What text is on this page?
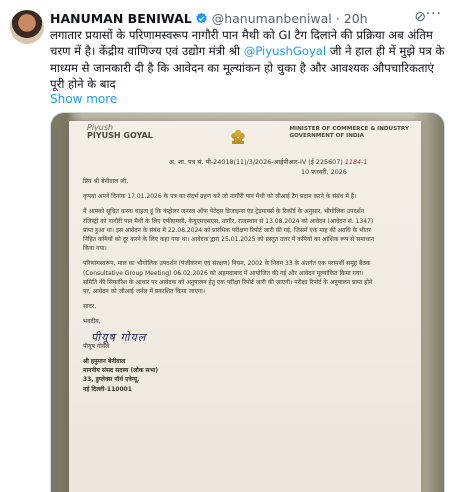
HANUMAN BENIWAL @hanumanbeniwal · 20h	⊘ ···
लगातार प्रयासों के परिणामस्वरूप नागौरी पान मैथी को GI टैग दिलाने की प्रक्रिया अब अंतिम चरण में है। केंद्रीय वाणिज्य एवं उद्योग मंत्री श्री @PiyushGoyal जी ने हाल ही में मुझे पत्र के माध्यम से जानकारी दी है कि आवेदन का मूल्यांकन हो चुका है और आवश्यक औपचारिकताएं पूरी होने के बाद
Show more
Piyush
PIYUSH GOYAL
MINISTER OF COMMERCE & INDUSTRY
GOVERNMENT OF INDIA
अ. शा. पत्र सं. पी-24018(11)/3/2026-आईपीआर-IV (ई 225607) 1184-1
10 फरवरी, 2026

प्रिय श्री बेनीवाल जी,

कृपया अपने दिनांक 17.01.2026 के पत्र का संदर्भ ग्रहण करें जो नागौरी पान मैथी को जीआई टैग प्रदान करने के संबंध में है।

मैं आपको सूचित करना चाहता हूं कि कंट्रोलर जनरल ऑफ पेटेंट्स डिजाइन्स एंड ट्रेडमार्क्स के रिकॉर्ड के अनुसार, भौगोलिक उपदर्शन रजिस्ट्री को नागौरी पान मैथी के लिए एफीएमसी, केयूएमएसएस, नागौर, राजस्थान से 13.08.2024 को आवेदन (आवेदन सं. 1347) प्राप्त हुआ था। इस आवेदन के संबंध में 22.08.2024 को प्रारंभिक परीक्षण रिपोर्ट जारी की गई, जिसमें एक माह की अवधि के भीतर निहित कमियों को दूर करने के लिए कहा गया था। आवेदक द्वारा 25.01.2025 को प्रस्तुत उत्तर में कमियों का आंशिक रूप से समाधान किया गया।

परिणामस्वरूप, माल का भौगोलिक उपदर्शन (पंजीकरण एवं संरक्षण) नियम, 2002 के नियम 33 के अंतर्गत एक परामर्शी समूह बैठक (Consultative Group Meeting) 06.02.2026 को अहमदाबाद में आयोजित की गई और आवेदन मूल्यांकित किया गया। समिति की सिफारिश के आधार पर आवेदक को अनुपालन हेतु एक परीक्षा रिपोर्ट जारी की जाएगी। परीक्षा रिपोर्ट के अनुपालन प्राप्त होने पर, आवेदन को जीआई जर्नल में प्रकाशित किया जाएगा।

सादर,

भवदीय,

पीयूष गोयल

पीयूष गोयल

श्री हनुमान बेनीवाल
माननीय संसद सदस्य (लोक सभा)
33, डुप्लेक्स नॉर्थ एवेन्यू,
नई दिल्ली-110001
